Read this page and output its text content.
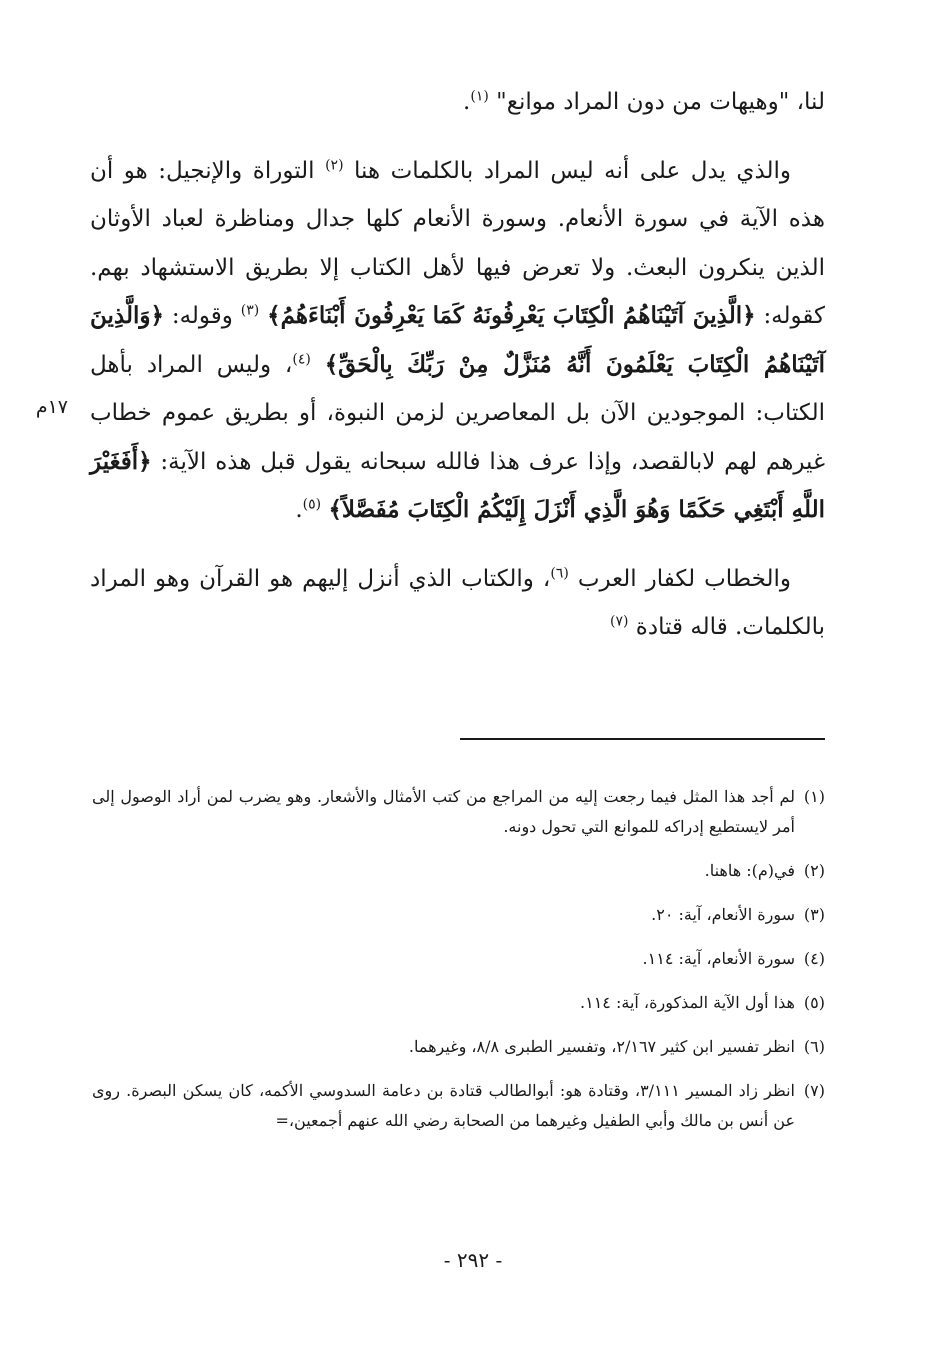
١٧م

لنا، "وهيهات من دون المراد موانع" $^{(١)}$.

والذي يدل على أنه ليس المراد بالكلمات هنا $^{(٢)}$ التوراة والإنجيل: هو أن هذه الآية في سورة الأنعام. وسورة الأنعام كلها جدال ومناظرة لعباد الأوثان الذين ينكرون البعث. ولا تعرض فيها لأهل الكتاب إلا بطريق الاستشهاد بهم. كقوله: ﴿الَّذِينَ آتَيْنَاهُمُ الْكِتَابَ يَعْرِفُونَهُ كَمَا يَعْرِفُونَ أَبْنَاءَهُمُ﴾ $^{(٣)}$ وقوله: ﴿وَالَّذِينَ آتَيْنَاهُمُ الْكِتَابَ يَعْلَمُونَ أَنَّهُ مُنَزَّلٌ مِنْ رَبِّكَ بِالْحَقِّ﴾ $^{(٤)}$، وليس المراد بأهل الكتاب: الموجودين الآن بل المعاصرين لزمن النبوة، أو بطريق عموم خطاب غيرهم لهم لابالقصد، وإذا عرف هذا فالله سبحانه يقول قبل هذه الآية: ﴿أَفَغَيْرَ اللَّهِ أَبْتَغِي حَكَمًا وَهُوَ الَّذِي أَنْزَلَ إِلَيْكُمُ الْكِتَابَ مُفَصَّلاً﴾ $^{(٥)}$.

والخطاب لكفار العرب $^{(٦)}$، والكتاب الذي أنزل إليهم هو القرآن وهو المراد بالكلمات. قاله قتادة $^{(٧)}$

(١)
لم أجد هذا المثل فيما رجعت إليه من المراجع من كتب الأمثال والأشعار. وهو يضرب لمن أراد الوصول إلى أمر لايستطيع إدراكه للموانع التي تحول دونه.
(٢)
في(م): هاهنا.
(٣)
سورة الأنعام، آية: ٢٠.
(٤)
سورة الأنعام، آية: ١١٤.
(٥)
هذا أول الآية المذكورة، آية: ١١٤.
(٦)
انظر تفسير ابن كثير ٢/١٦٧، وتفسير الطبرى ٨/٨، وغيرهما.
(٧)
انظر زاد المسير ٣/١١١، وقتادة هو: أبوالطالب قتادة بن دعامة السدوسي الأكمه، كان يسكن البصرة. روى عن أنس بن مالك وأبي الطفيل وغيرهما من الصحابة رضي الله عنهم أجمعين،=
- ٢٩٢ -
